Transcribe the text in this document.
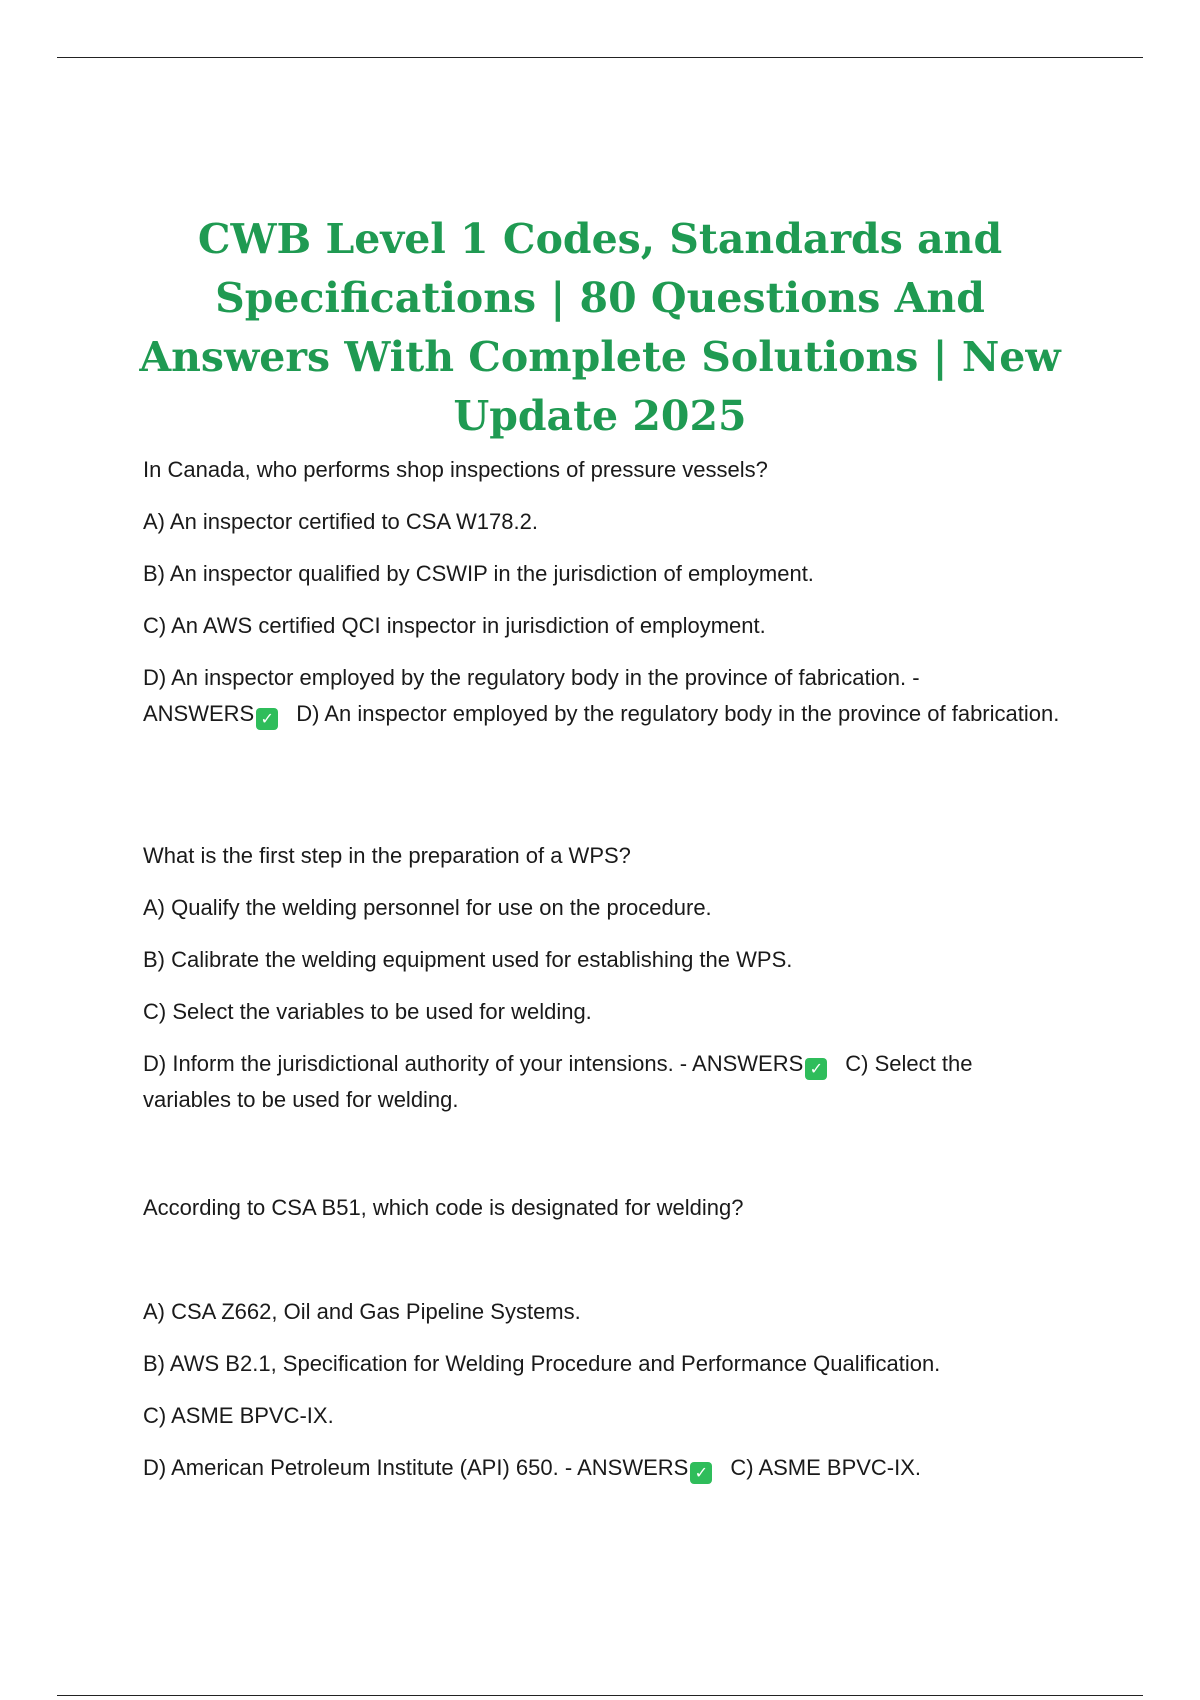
CWB Level 1 Codes, Standards and Specifications | 80 Questions And Answers With Complete Solutions | New Update 2025

In Canada, who performs shop inspections of pressure vessels?

A) An inspector certified to CSA W178.2.

B) An inspector qualified by CSWIP in the jurisdiction of employment.

C) An AWS certified QCI inspector in jurisdiction of employment.

D) An inspector employed by the regulatory body in the province of fabrication. -
ANSWERS ✓ D) An inspector employed by the regulatory body in the province of fabrication.

What is the first step in the preparation of a WPS?

A) Qualify the welding personnel for use on the procedure.

B) Calibrate the welding equipment used for establishing the WPS.

C) Select the variables to be used for welding.

D) Inform the jurisdictional authority of your intensions. - ANSWERS ✓ C) Select the variables to be used for welding.

According to CSA B51, which code is designated for welding?

A) CSA Z662, Oil and Gas Pipeline Systems.

B) AWS B2.1, Specification for Welding Procedure and Performance Qualification.

C) ASME BPVC-IX.

D) American Petroleum Institute (API) 650. - ANSWERS ✓ C) ASME BPVC-IX.
